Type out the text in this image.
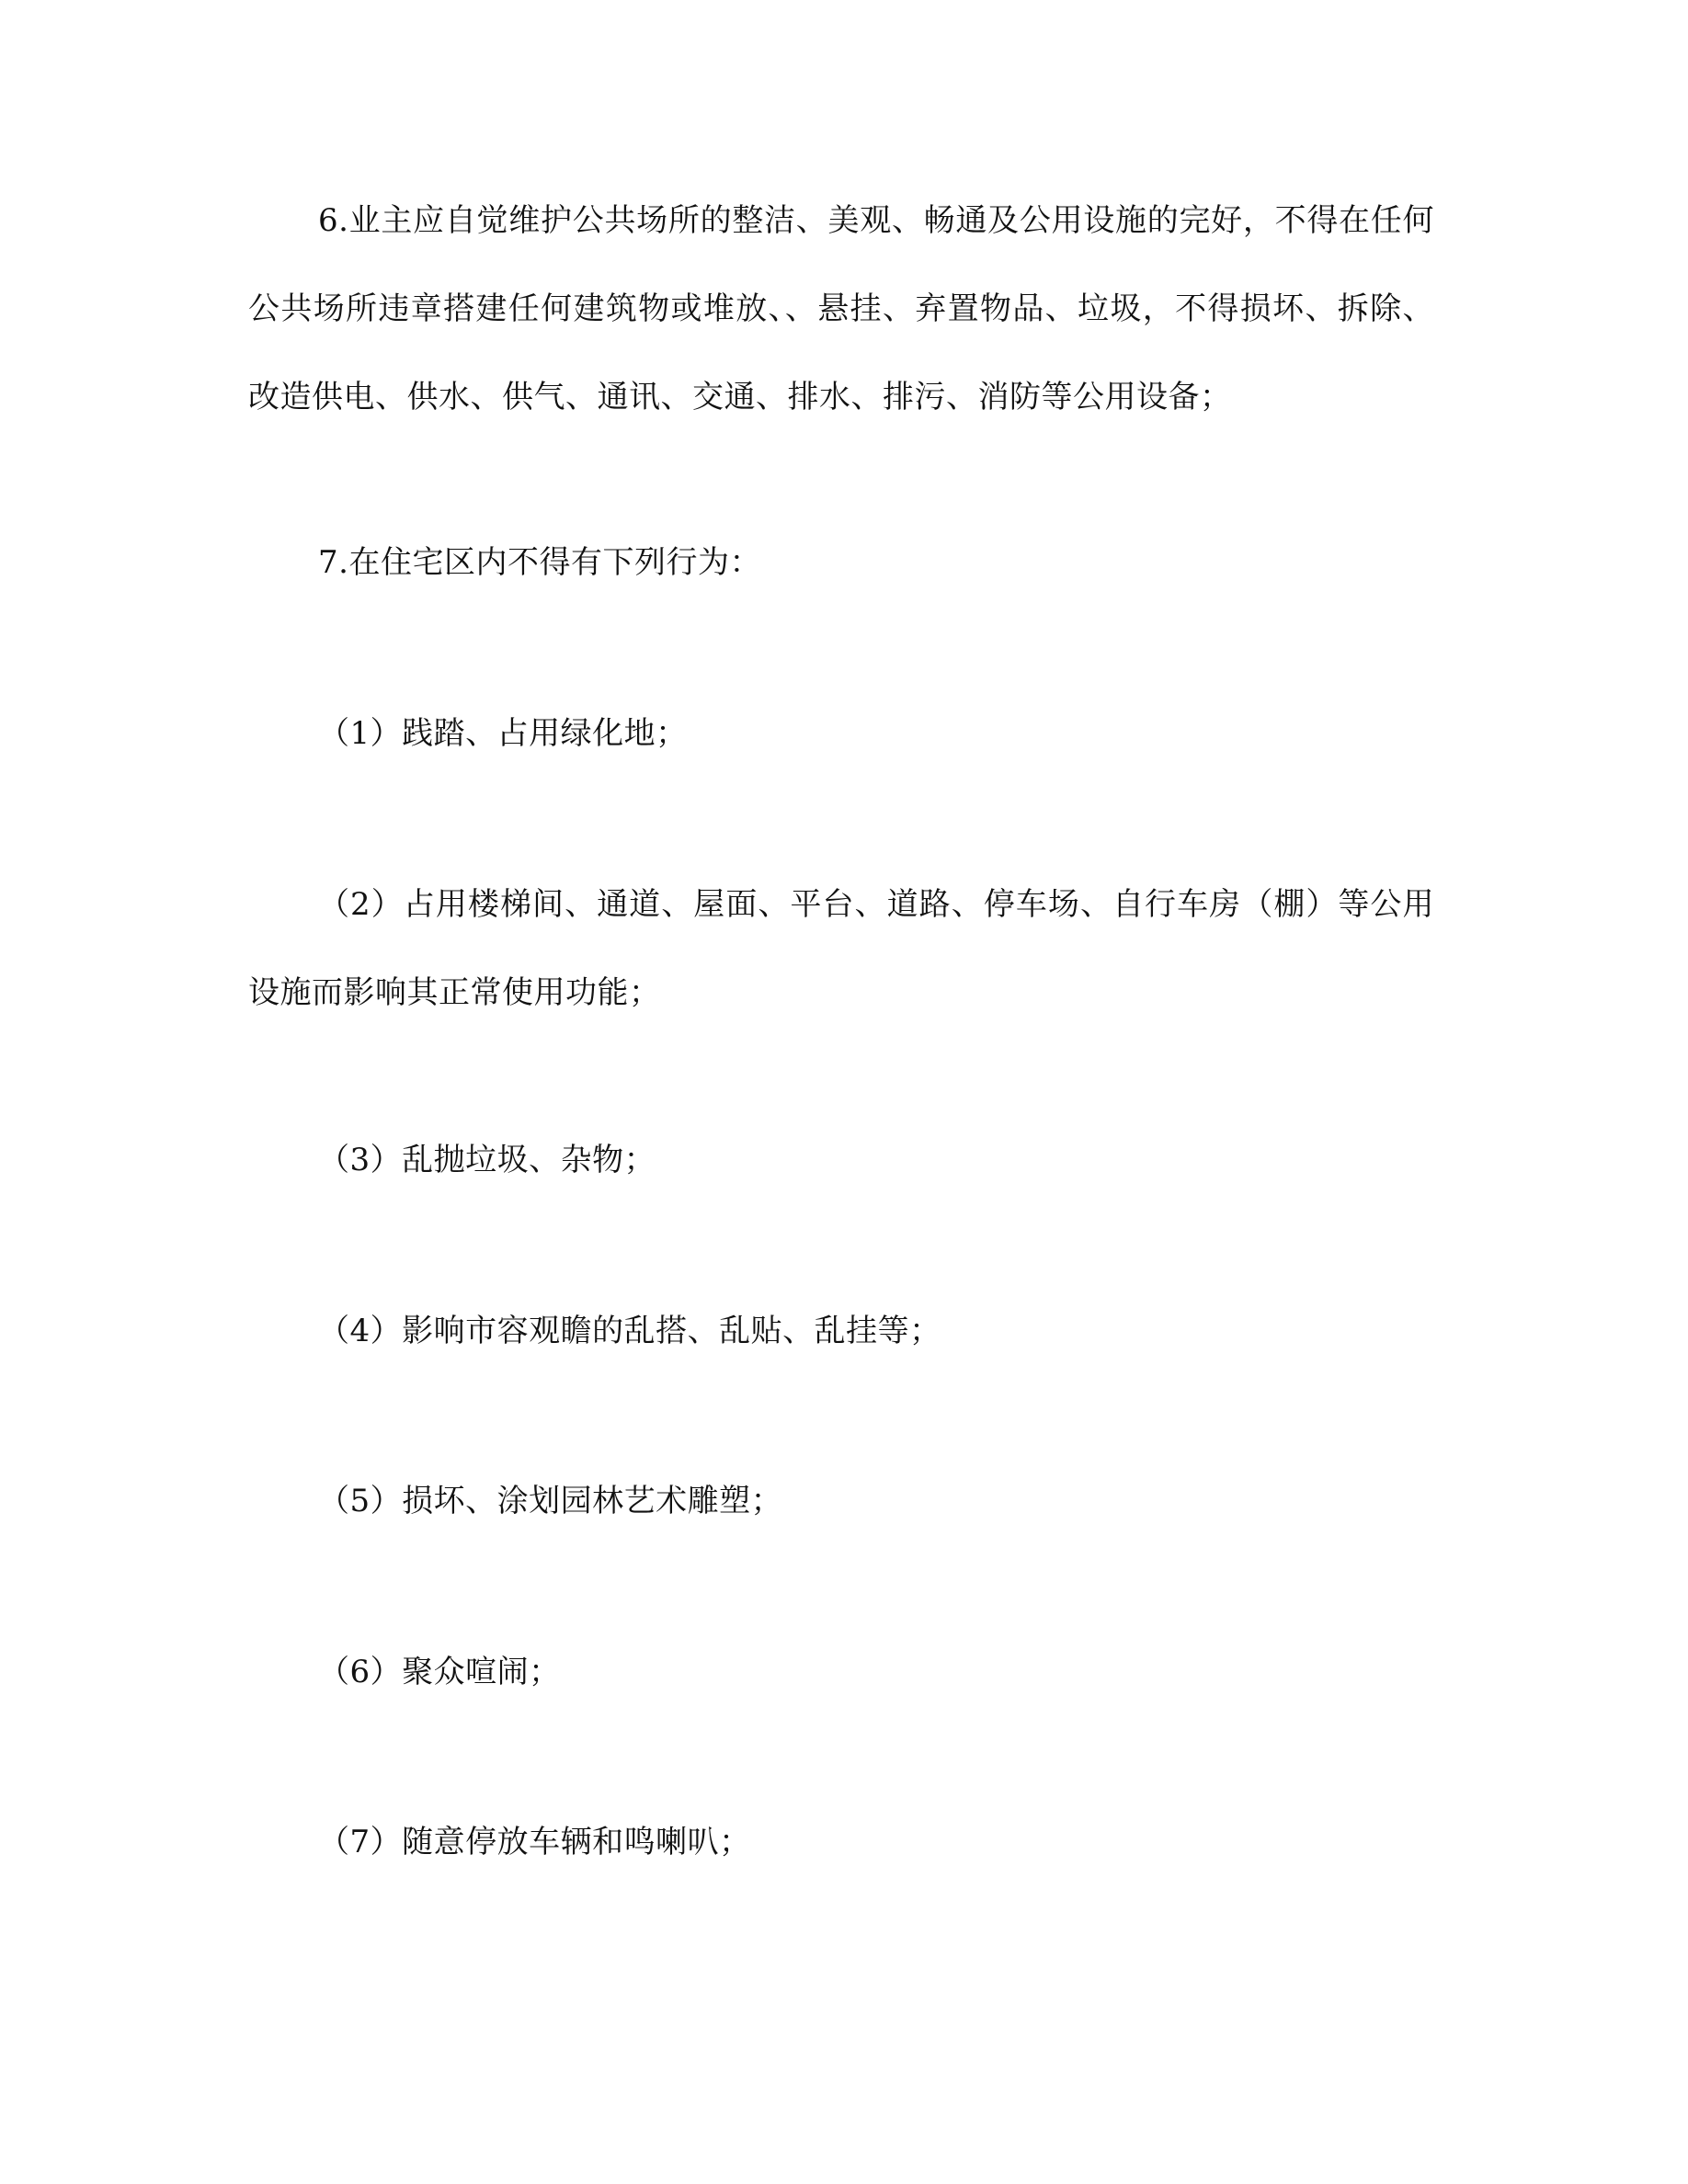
6.业主应自觉维护公共场所的整洁、美观、畅通及公用设施的完好，不得在任何公共场所违章搭建任何建筑物或堆放、、悬挂、弃置物品、垃圾，不得损坏、拆除、改造供电、供水、供气、通讯、交通、排水、排污、消防等公用设备；

7.在住宅区内不得有下列行为：

（1）践踏、占用绿化地；

（2）占用楼梯间、通道、屋面、平台、道路、停车场、自行车房（棚）等公用设施而影响其正常使用功能；

（3）乱抛垃圾、杂物；

（4）影响市容观瞻的乱搭、乱贴、乱挂等；

（5）损坏、涂划园林艺术雕塑；

（6）聚众喧闹；

（7）随意停放车辆和鸣喇叭；
